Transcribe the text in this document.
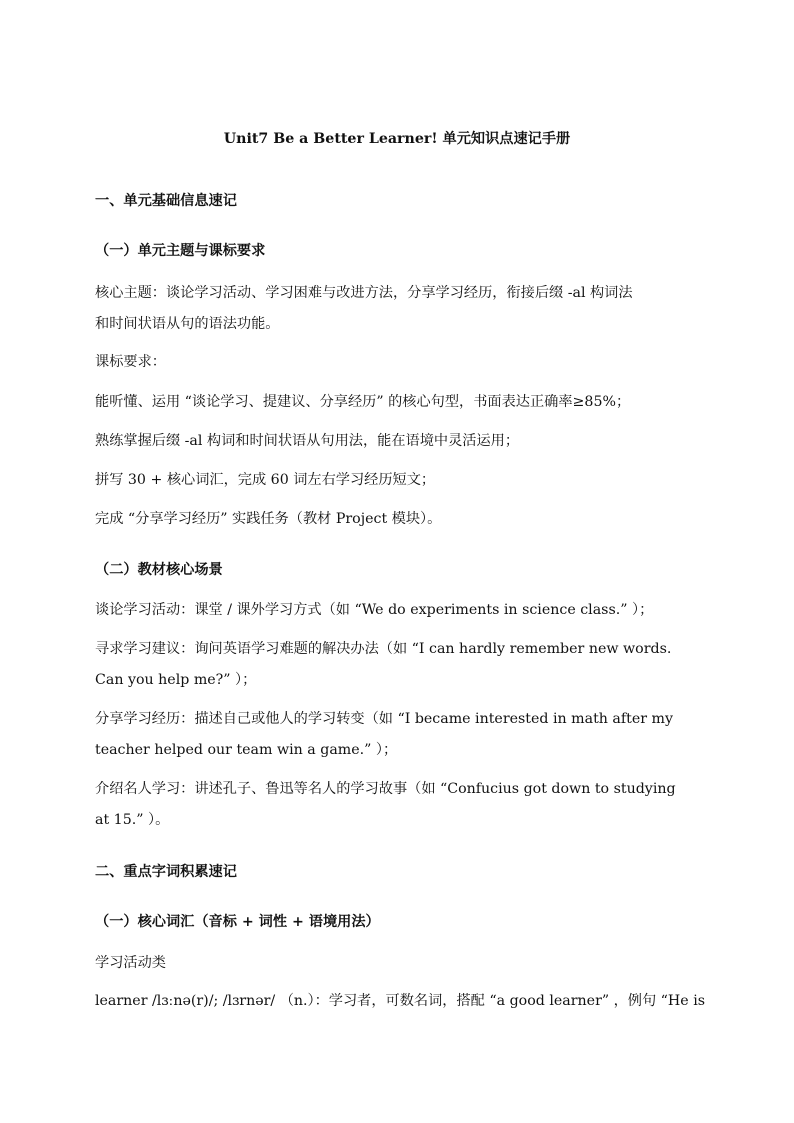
Unit7 Be a Better Learner! 单元知识点速记手册
一、单元基础信息速记
（一）单元主题与课标要求
核心主题：谈论学习活动、学习困难与改进方法，分享学习经历，衔接后缀 -al 构词法
和时间状语从句的语法功能。
课标要求：
能听懂、运用 “谈论学习、提建议、分享经历” 的核心句型，书面表达正确率≥85%；
熟练掌握后缀 -al 构词和时间状语从句用法，能在语境中灵活运用；
拼写 30 + 核心词汇，完成 60 词左右学习经历短文；
完成 “分享学习经历” 实践任务（教材 Project 模块）。
（二）教材核心场景
谈论学习活动：课堂 / 课外学习方式（如 “We do experiments in science class.” ）；
寻求学习建议：询问英语学习难题的解决办法（如 “I can hardly remember new words.
Can you help me?” ）；
分享学习经历：描述自己或他人的学习转变（如 “I became interested in math after my
teacher helped our team win a game.” ）；
介绍名人学习：讲述孔子、鲁迅等名人的学习故事（如 “Confucius got down to studying
at 15.” ）。
二、重点字词积累速记
（一）核心词汇（音标 + 词性 + 语境用法）
学习活动类
learner /lɜːnə(r)/; /lɜrnər/ （n.）：学习者，可数名词，搭配 “a good learner” ，例句 “He is
